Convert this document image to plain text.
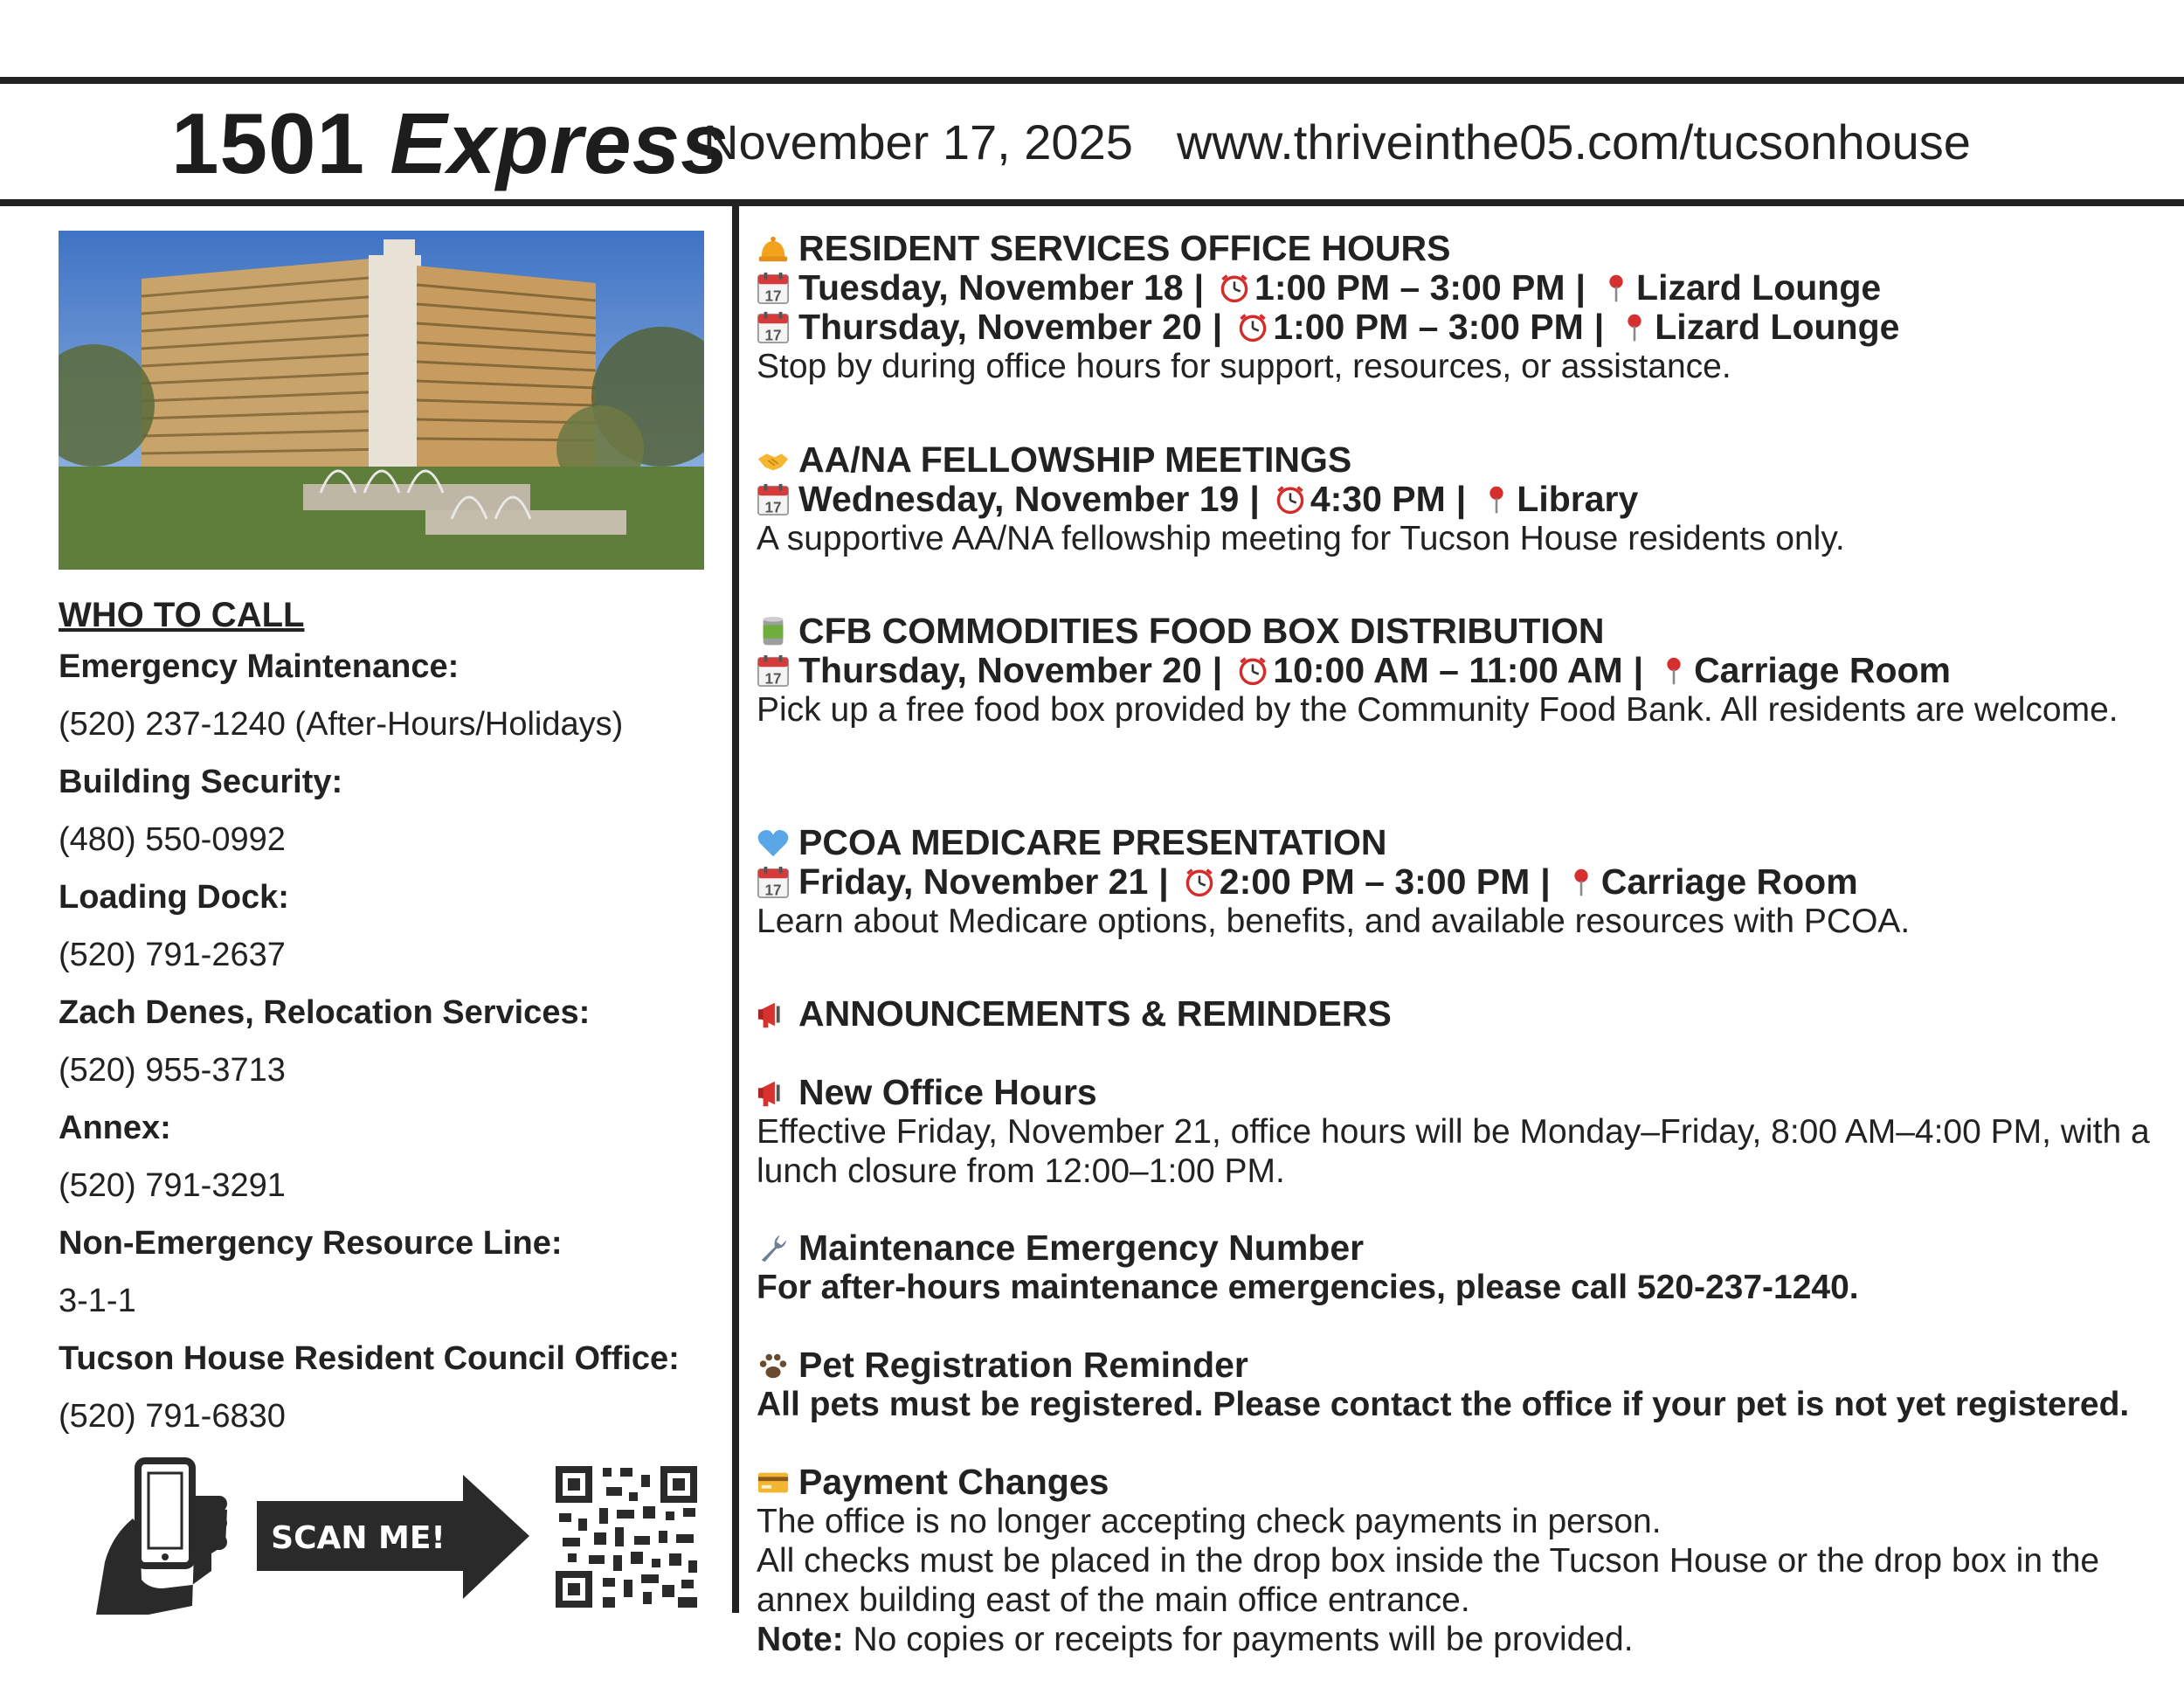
1501 Express
November 17, 2025 www.thriveinthe05.com/tucsonhouse
WHO TO CALL
Emergency Maintenance:
(520) 237-1240 (After-Hours/Holidays)
Building Security:
(480) 550-0992
Loading Dock:
(520) 791-2637
Zach Denes, Relocation Services:
(520) 955-3713
Annex:
(520) 791-3291
Non-Emergency Resource Line:
3-1-1
Tucson House Resident Council Office:
(520) 791-6830
SCAN ME!
RESIDENT SERVICES OFFICE HOURS
Tuesday, November 18 | 1:00 PM – 3:00 PM | Lizard Lounge
Thursday, November 20 | 1:00 PM – 3:00 PM | Lizard Lounge
Stop by during office hours for support, resources, or assistance.
AA/NA FELLOWSHIP MEETINGS
Wednesday, November 19 | 4:30 PM | Library
A supportive AA/NA fellowship meeting for Tucson House residents only.
CFB COMMODITIES FOOD BOX DISTRIBUTION
Thursday, November 20 | 10:00 AM – 11:00 AM | Carriage Room
Pick up a free food box provided by the Community Food Bank. All residents are welcome.
PCOA MEDICARE PRESENTATION
Friday, November 21 | 2:00 PM – 3:00 PM | Carriage Room
Learn about Medicare options, benefits, and available resources with PCOA.
ANNOUNCEMENTS & REMINDERS
New Office Hours
Effective Friday, November 21, office hours will be Monday–Friday, 8:00 AM–4:00 PM, with a lunch closure from 12:00–1:00 PM.
Maintenance Emergency Number
For after-hours maintenance emergencies, please call 520-237-1240.
Pet Registration Reminder
All pets must be registered. Please contact the office if your pet is not yet registered.
Payment Changes
The office is no longer accepting check payments in person.
All checks must be placed in the drop box inside the Tucson House or the drop box in the annex building east of the main office entrance.
Note: No copies or receipts for payments will be provided.
